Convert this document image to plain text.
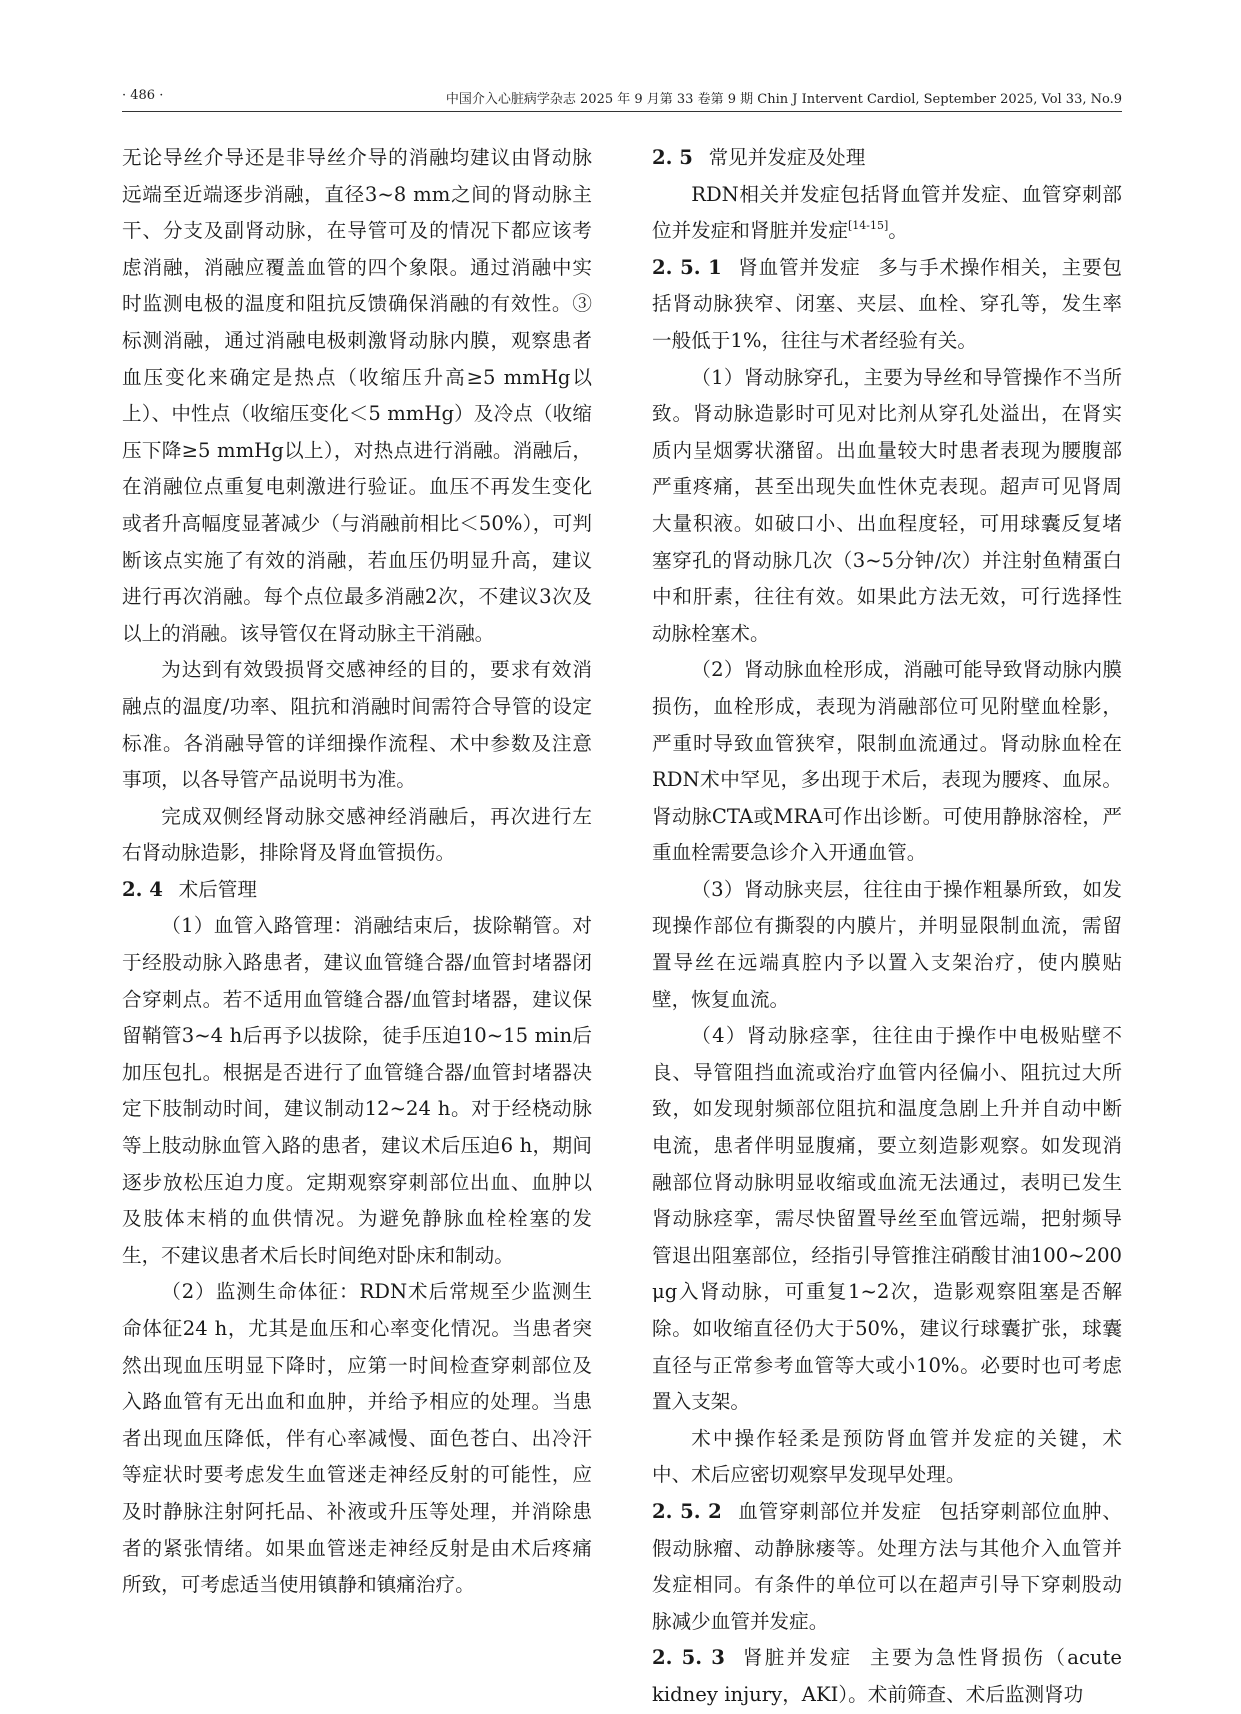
· 486 ·	中国介入心脏病学杂志 2025 年 9 月第 33 卷第 9 期 Chin J Intervent Cardiol, September 2025, Vol 33, No.9

无论导丝介导还是非导丝介导的消融均建议由肾动脉远端至近端逐步消融，直径3~8 mm之间的肾动脉主干、分支及副肾动脉，在导管可及的情况下都应该考虑消融，消融应覆盖血管的四个象限。通过消融中实时监测电极的温度和阻抗反馈确保消融的有效性。③标测消融，通过消融电极刺激肾动脉内膜，观察患者血压变化来确定是热点（收缩压升高≥5 mmHg以上）、中性点（收缩压变化＜5 mmHg）及冷点（收缩压下降≥5 mmHg以上），对热点进行消融。消融后，在消融位点重复电刺激进行验证。血压不再发生变化或者升高幅度显著减少（与消融前相比＜50%），可判断该点实施了有效的消融，若血压仍明显升高，建议进行再次消融。每个点位最多消融2次，不建议3次及以上的消融。该导管仅在肾动脉主干消融。

为达到有效毁损肾交感神经的目的，要求有效消融点的温度/功率、阻抗和消融时间需符合导管的设定标准。各消融导管的详细操作流程、术中参数及注意事项，以各导管产品说明书为准。

完成双侧经肾动脉交感神经消融后，再次进行左右肾动脉造影，排除肾及肾血管损伤。

2. 4 术后管理

（1）血管入路管理：消融结束后，拔除鞘管。对于经股动脉入路患者，建议血管缝合器/血管封堵器闭合穿刺点。若不适用血管缝合器/血管封堵器，建议保留鞘管3~4 h后再予以拔除，徒手压迫10~15 min后加压包扎。根据是否进行了血管缝合器/血管封堵器决定下肢制动时间，建议制动12~24 h。对于经桡动脉等上肢动脉血管入路的患者，建议术后压迫6 h，期间逐步放松压迫力度。定期观察穿刺部位出血、血肿以及肢体末梢的血供情况。为避免静脉血栓栓塞的发生，不建议患者术后长时间绝对卧床和制动。

（2）监测生命体征：RDN术后常规至少监测生命体征24 h，尤其是血压和心率变化情况。当患者突然出现血压明显下降时，应第一时间检查穿刺部位及入路血管有无出血和血肿，并给予相应的处理。当患者出现血压降低，伴有心率减慢、面色苍白、出冷汗等症状时要考虑发生血管迷走神经反射的可能性，应及时静脉注射阿托品、补液或升压等处理，并消除患者的紧张情绪。如果血管迷走神经反射是由术后疼痛所致，可考虑适当使用镇静和镇痛治疗。

2. 5 常见并发症及处理

RDN相关并发症包括肾血管并发症、血管穿刺部位并发症和肾脏并发症[14-15]。

2. 5. 1 肾血管并发症 多与手术操作相关，主要包括肾动脉狭窄、闭塞、夹层、血栓、穿孔等，发生率一般低于1%，往往与术者经验有关。

（1）肾动脉穿孔，主要为导丝和导管操作不当所致。肾动脉造影时可见对比剂从穿孔处溢出，在肾实质内呈烟雾状潴留。出血量较大时患者表现为腰腹部严重疼痛，甚至出现失血性休克表现。超声可见肾周大量积液。如破口小、出血程度轻，可用球囊反复堵塞穿孔的肾动脉几次（3~5分钟/次）并注射鱼精蛋白中和肝素，往往有效。如果此方法无效，可行选择性动脉栓塞术。

（2）肾动脉血栓形成，消融可能导致肾动脉内膜损伤，血栓形成，表现为消融部位可见附壁血栓影，严重时导致血管狭窄，限制血流通过。肾动脉血栓在RDN术中罕见，多出现于术后，表现为腰疼、血尿。肾动脉CTA或MRA可作出诊断。可使用静脉溶栓，严重血栓需要急诊介入开通血管。

（3）肾动脉夹层，往往由于操作粗暴所致，如发现操作部位有撕裂的内膜片，并明显限制血流，需留置导丝在远端真腔内予以置入支架治疗，使内膜贴壁，恢复血流。

（4）肾动脉痉挛，往往由于操作中电极贴壁不良、导管阻挡血流或治疗血管内径偏小、阻抗过大所致，如发现射频部位阻抗和温度急剧上升并自动中断电流，患者伴明显腹痛，要立刻造影观察。如发现消融部位肾动脉明显收缩或血流无法通过，表明已发生肾动脉痉挛，需尽快留置导丝至血管远端，把射频导管退出阻塞部位，经指引导管推注硝酸甘油100~200 μg入肾动脉，可重复1~2次，造影观察阻塞是否解除。如收缩直径仍大于50%，建议行球囊扩张，球囊直径与正常参考血管等大或小10%。必要时也可考虑置入支架。

术中操作轻柔是预防肾血管并发症的关键，术中、术后应密切观察早发现早处理。

2. 5. 2 血管穿刺部位并发症 包括穿刺部位血肿、假动脉瘤、动静脉瘘等。处理方法与其他介入血管并发症相同。有条件的单位可以在超声引导下穿刺股动脉减少血管并发症。

2. 5. 3 肾脏并发症 主要为急性肾损伤（acute kidney injury，AKI）。术前筛查、术后监测肾功
